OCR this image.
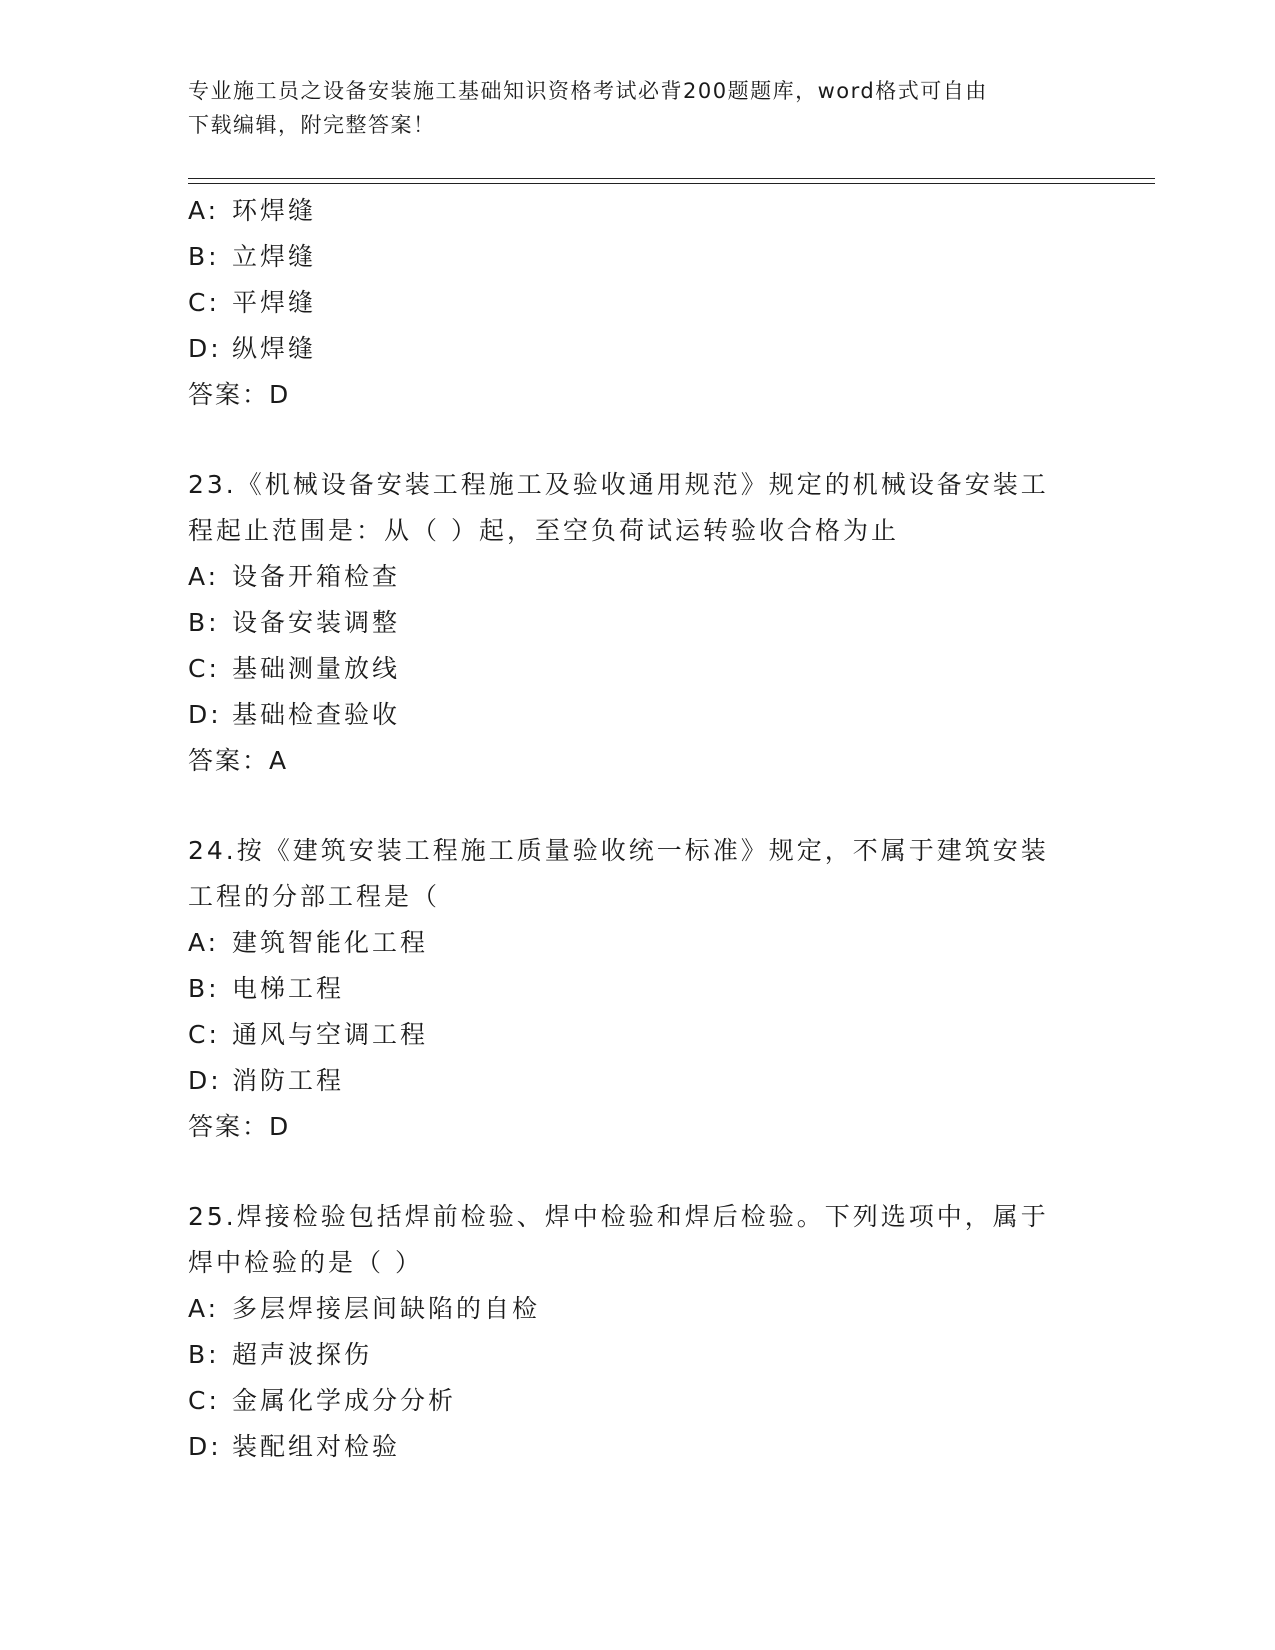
专业施工员之设备安装施工基础知识资格考试必背200题题库，word格式可自由
下载编辑，附完整答案！
A: 环焊缝
B: 立焊缝
C: 平焊缝
D: 纵焊缝
答案：D
23.《机械设备安装工程施工及验收通用规范》规定的机械设备安装工
程起止范围是：从（ ）起，至空负荷试运转验收合格为止
A: 设备开箱检查
B: 设备安装调整
C: 基础测量放线
D: 基础检查验收
答案：A
24.按《建筑安装工程施工质量验收统一标准》规定，不属于建筑安装
工程的分部工程是（
A: 建筑智能化工程
B: 电梯工程
C: 通风与空调工程
D: 消防工程
答案：D
25.焊接检验包括焊前检验、焊中检验和焊后检验。下列选项中，属于
焊中检验的是（ ）
A: 多层焊接层间缺陷的自检
B: 超声波探伤
C: 金属化学成分分析
D: 装配组对检验
